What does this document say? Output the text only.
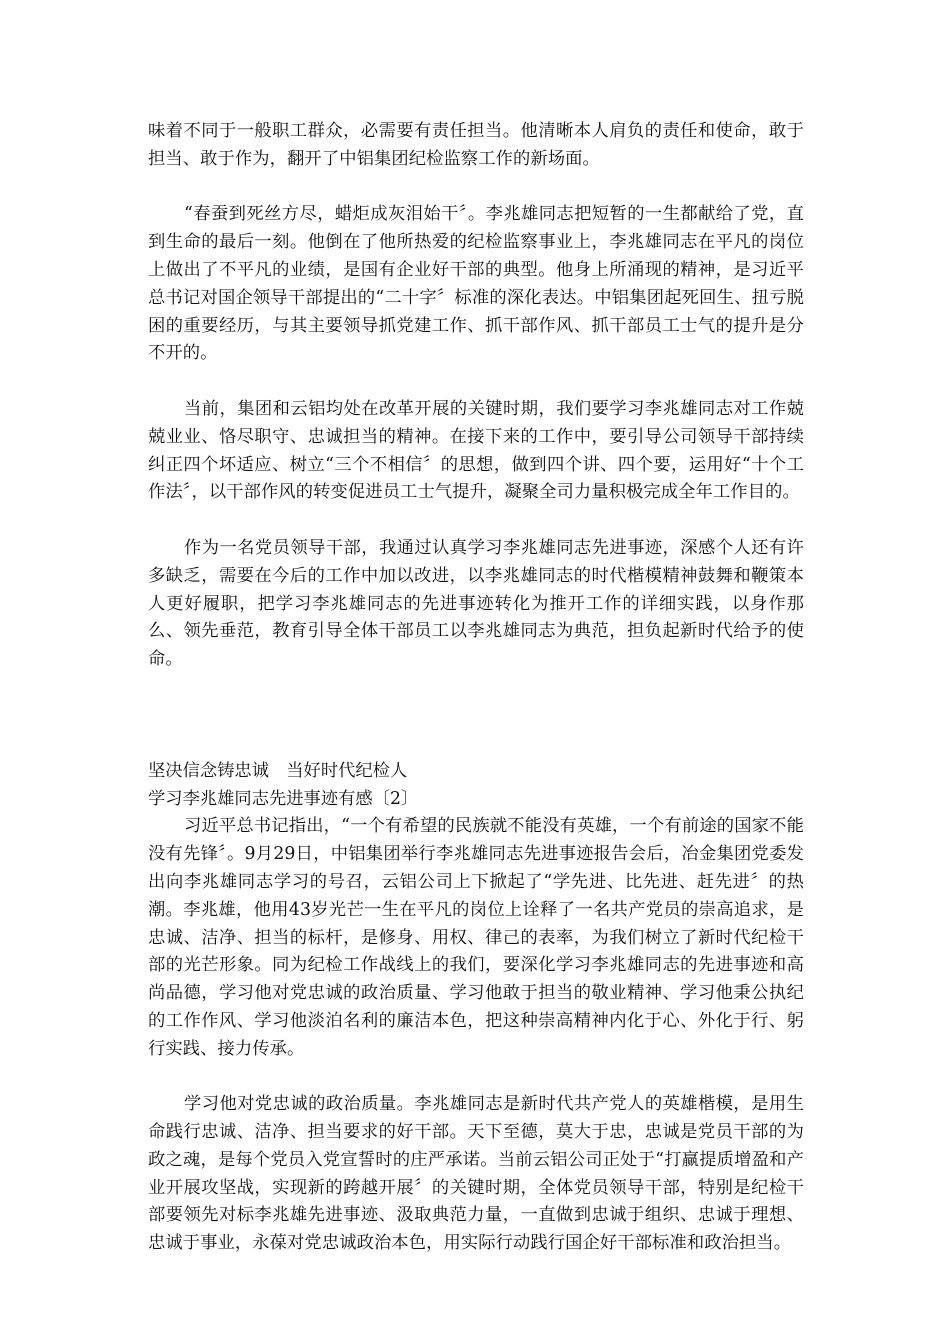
味着不同于一般职工群众，必需要有责任担当。他清晰本人肩负的责任和使命，敢于担当、敢于作为，翻开了中铝集团纪检监察工作的新场面。

“春蚕到死丝方尽，蜡炬成灰泪始干〞。李兆雄同志把短暂的一生都献给了党，直到生命的最后一刻。他倒在了他所热爱的纪检监察事业上，李兆雄同志在平凡的岗位上做出了不平凡的业绩，是国有企业好干部的典型。他身上所涌现的精神，是习近平总书记对国企领导干部提出的“二十字〞标准的深化表达。中铝集团起死回生、扭亏脱困的重要经历，与其主要领导抓党建工作、抓干部作风、抓干部员工士气的提升是分不开的。

当前，集团和云铝均处在改革开展的关键时期，我们要学习李兆雄同志对工作兢兢业业、恪尽职守、忠诚担当的精神。在接下来的工作中，要引导公司领导干部持续纠正四个坏适应、树立“三个不相信〞的思想，做到四个讲、四个要，运用好“十个工作法〞，以干部作风的转变促进员工士气提升，凝聚全司力量积极完成全年工作目的。

作为一名党员领导干部，我通过认真学习李兆雄同志先进事迹，深感个人还有许多缺乏，需要在今后的工作中加以改进，以李兆雄同志的时代楷模精神鼓舞和鞭策本人更好履职，把学习李兆雄同志的先进事迹转化为推开工作的详细实践，以身作那么、领先垂范，教育引导全体干部员工以李兆雄同志为典范，担负起新时代给予的使命。

坚决信念铸忠诚　当好时代纪检人

学习李兆雄同志先进事迹有感〔2〕

习近平总书记指出，“一个有希望的民族就不能没有英雄，一个有前途的国家不能没有先锋〞。9月29日，中铝集团举行李兆雄同志先进事迹报告会后，冶金集团党委发出向李兆雄同志学习的号召，云铝公司上下掀起了“学先进、比先进、赶先进〞的热潮。李兆雄，他用43岁光芒一生在平凡的岗位上诠释了一名共产党员的崇高追求，是忠诚、洁净、担当的标杆，是修身、用权、律己的表率，为我们树立了新时代纪检干部的光芒形象。同为纪检工作战线上的我们，要深化学习李兆雄同志的先进事迹和高尚品德，学习他对党忠诚的政治质量、学习他敢于担当的敬业精神、学习他秉公执纪的工作作风、学习他淡泊名利的廉洁本色，把这种崇高精神内化于心、外化于行、躬行实践、接力传承。

学习他对党忠诚的政治质量。李兆雄同志是新时代共产党人的英雄楷模，是用生命践行忠诚、洁净、担当要求的好干部。天下至德，莫大于忠，忠诚是党员干部的为政之魂，是每个党员入党宣誓时的庄严承诺。当前云铝公司正处于“打赢提质增盈和产业开展攻坚战，实现新的跨越开展〞的关键时期，全体党员领导干部，特别是纪检干部要领先对标李兆雄先进事迹、汲取典范力量，一直做到忠诚于组织、忠诚于理想、忠诚于事业，永葆对党忠诚政治本色，用实际行动践行国企好干部标准和政治担当。
